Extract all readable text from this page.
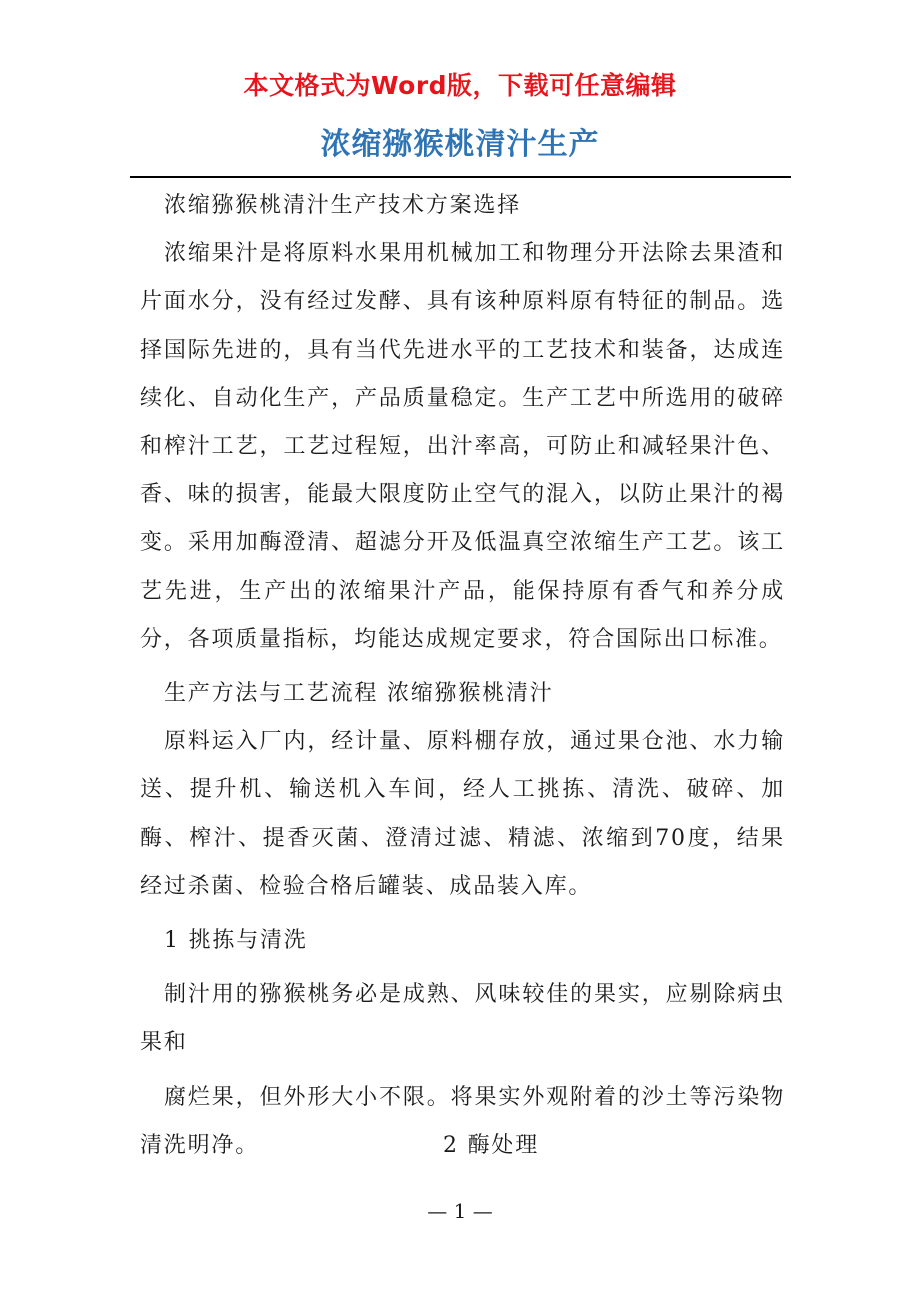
本文格式为Word版，下载可任意编辑
浓缩猕猴桃清汁生产

浓缩猕猴桃清汁生产技术方案选择

浓缩果汁是将原料水果用机械加工和物理分开法除去果渣和片面水分，没有经过发酵、具有该种原料原有特征的制品。选择国际先进的，具有当代先进水平的工艺技术和装备，达成连续化、自动化生产，产品质量稳定。生产工艺中所选用的破碎和榨汁工艺，工艺过程短，出汁率高，可防止和减轻果汁色、香、味的损害，能最大限度防止空气的混入，以防止果汁的褐变。采用加酶澄清、超滤分开及低温真空浓缩生产工艺。该工艺先进，生产出的浓缩果汁产品，能保持原有香气和养分成分，各项质量指标，均能达成规定要求，符合国际出口标准。

生产方法与工艺流程 浓缩猕猴桃清汁

原料运入厂内，经计量、原料棚存放，通过果仓池、水力输送、提升机、输送机入车间，经人工挑拣、清洗、破碎、加酶、榨汁、提香灭菌、澄清过滤、精滤、浓缩到70度，结果经过杀菌、检验合格后罐装、成品装入库。

1 挑拣与清洗

制汁用的猕猴桃务必是成熟、风味较佳的果实，应剔除病虫果和

腐烂果，但外形大小不限。将果实外观附着的沙土等污染物清洗明净。	2 酶处理

— 1 —
